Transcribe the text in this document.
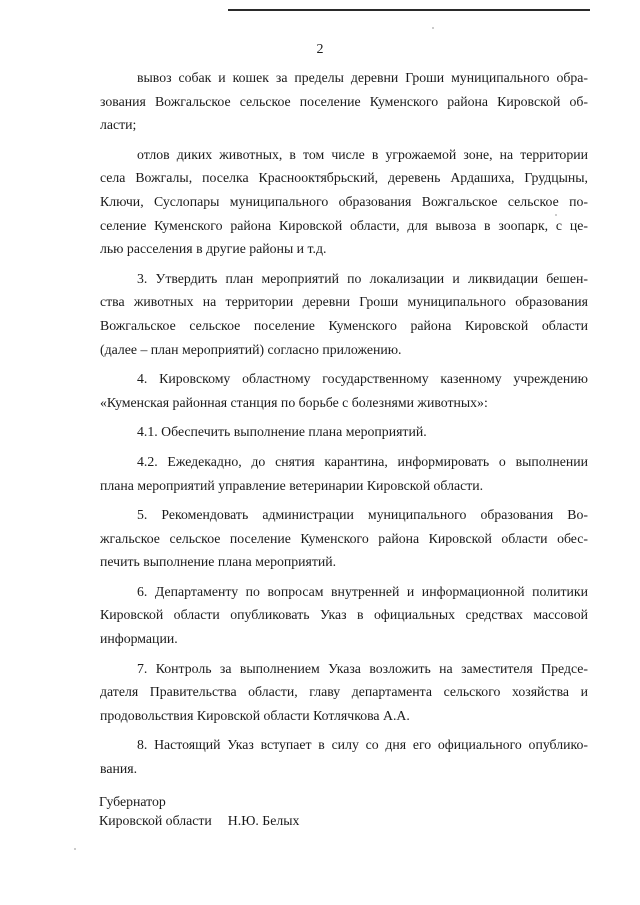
2

вывоз собак и кошек за пределы деревни Гроши муниципального обра-
зования Вожгальское сельское поселение Куменского района Кировской об-
ласти;

отлов диких животных, в том числе в угрожаемой зоне, на территории
села Вожгалы, поселка Краснооктябрьский, деревень Ардашиха, Грудцыны,
Ключи, Суслопары муниципального образования Вожгальское сельское по-
селение Куменского района Кировской области, для вывоза в зоопарк, с це-
лью расселения в другие районы и т.д.

3. Утвердить план мероприятий по локализации и ликвидации бешен-
ства животных на территории деревни Гроши муниципального образования
Вожгальское сельское поселение Куменского района Кировской области
(далее – план мероприятий) согласно приложению.

4. Кировскому областному государственному казенному учреждению
«Куменская районная станция по борьбе с болезнями животных»:

4.1. Обеспечить выполнение плана мероприятий.

4.2. Ежедекадно, до снятия карантина, информировать о выполнении
плана мероприятий управление ветеринарии Кировской области.

5. Рекомендовать администрации муниципального образования Во-
жгальское сельское поселение Куменского района Кировской области обес-
печить выполнение плана мероприятий.

6. Департаменту по вопросам внутренней и информационной политики
Кировской области опубликовать Указ в официальных средствах массовой
информации.

7. Контроль за выполнением Указа возложить на заместителя Предсе-
дателя Правительства области, главу департамента сельского хозяйства и
продовольствия Кировской области Котлячкова А.А.

8. Настоящий Указ вступает в силу со дня его официального опублико-
вания.

Губернатор
Кировской области Н.Ю. Белых
